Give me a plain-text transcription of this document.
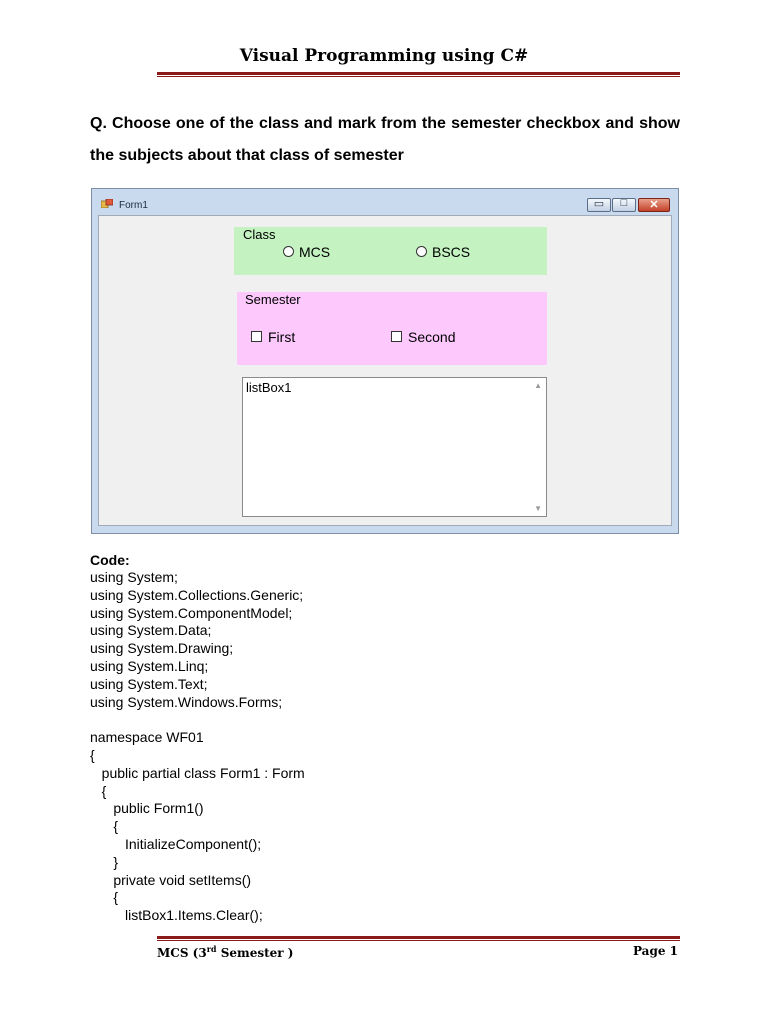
Visual Programming using C#
Q. Choose one of the class and mark from the semester checkbox and show the subjects about that class of semester
Form1	▭	□	✕
Class
MCS	BSCS
Semester
First	Second
listBox1	▲
▼
Code:
using System;
using System.Collections.Generic;
using System.ComponentModel;
using System.Data;
using System.Drawing;
using System.Linq;
using System.Text;
using System.Windows.Forms;
namespace WF01
{
public partial class Form1 : Form
{
public Form1()
{
InitializeComponent();
}
private void setItems()
{
listBox1.Items.Clear();
MCS (3rd Semester )	Page 1
